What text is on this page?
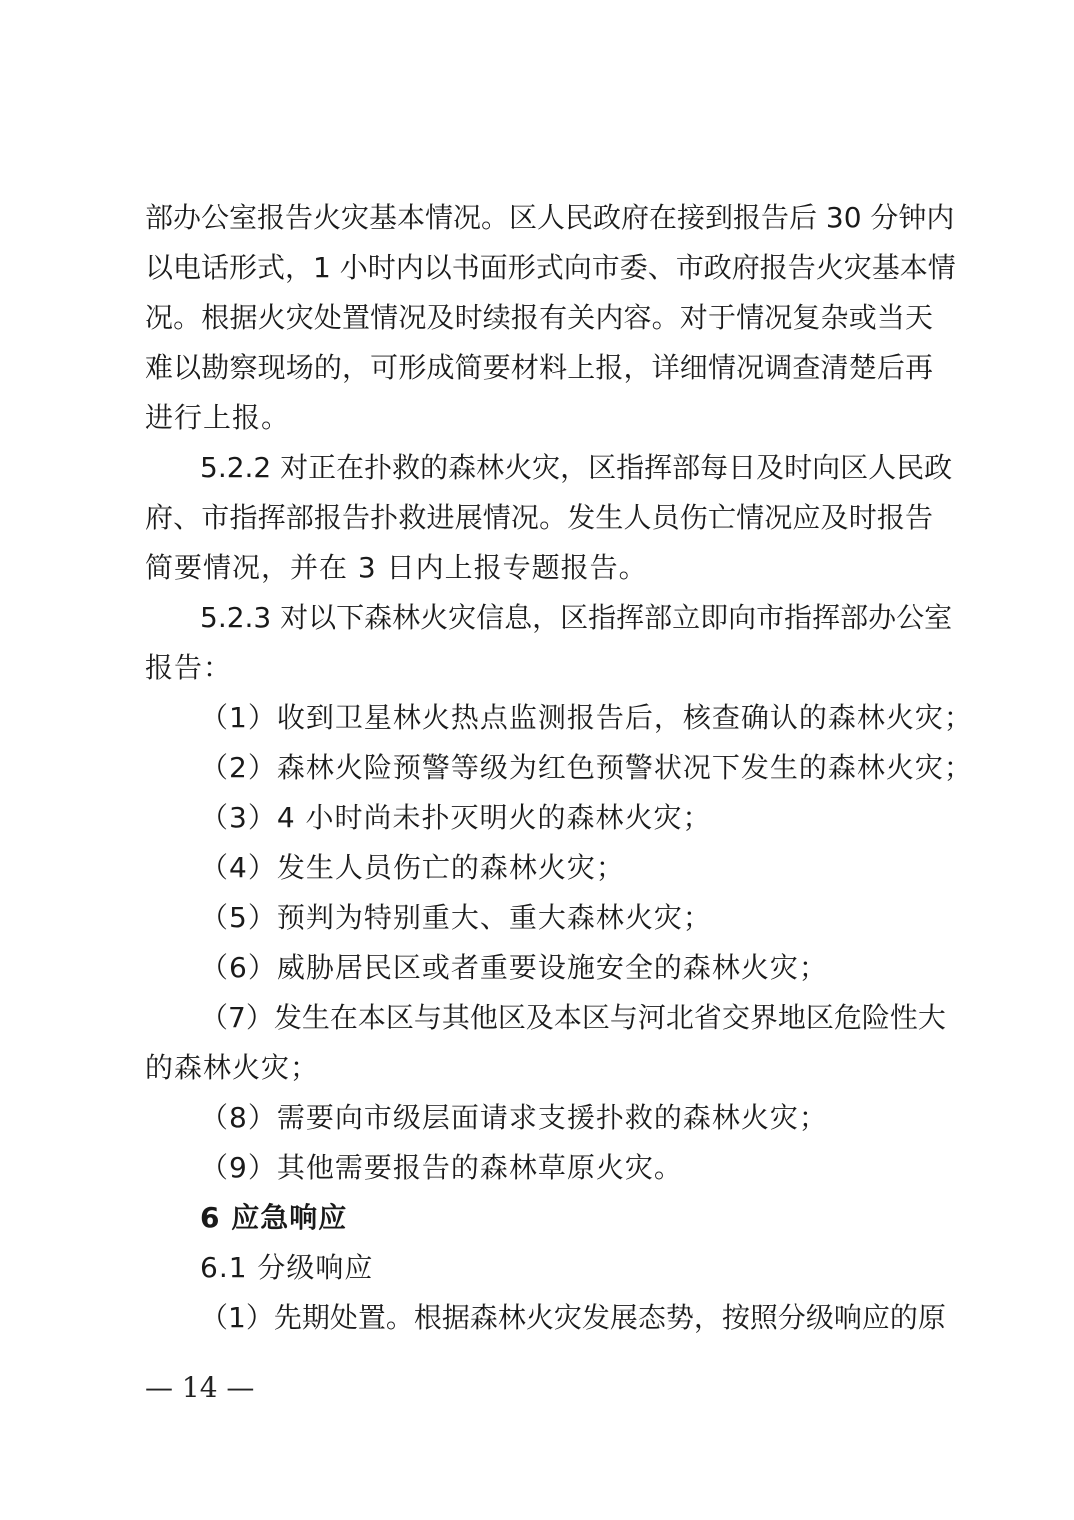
部办公室报告火灾基本情况。区人民政府在接到报告后 30 分钟内
以电话形式，1 小时内以书面形式向市委、市政府报告火灾基本情
况。根据火灾处置情况及时续报有关内容。对于情况复杂或当天
难以勘察现场的，可形成简要材料上报，详细情况调查清楚后再
进行上报。
5.2.2 对正在扑救的森林火灾，区指挥部每日及时向区人民政
府、市指挥部报告扑救进展情况。发生人员伤亡情况应及时报告
简要情况，并在 3 日内上报专题报告。
5.2.3 对以下森林火灾信息，区指挥部立即向市指挥部办公室
报告：
（1）收到卫星林火热点监测报告后，核查确认的森林火灾；
（2）森林火险预警等级为红色预警状况下发生的森林火灾；
（3）4 小时尚未扑灭明火的森林火灾；
（4）发生人员伤亡的森林火灾；
（5）预判为特别重大、重大森林火灾；
（6）威胁居民区或者重要设施安全的森林火灾；
（7）发生在本区与其他区及本区与河北省交界地区危险性大
的森林火灾；
（8）需要向市级层面请求支援扑救的森林火灾；
（9）其他需要报告的森林草原火灾。
6 应急响应
6.1 分级响应
（1）先期处置。根据森林火灾发展态势，按照分级响应的原
— 14 —
